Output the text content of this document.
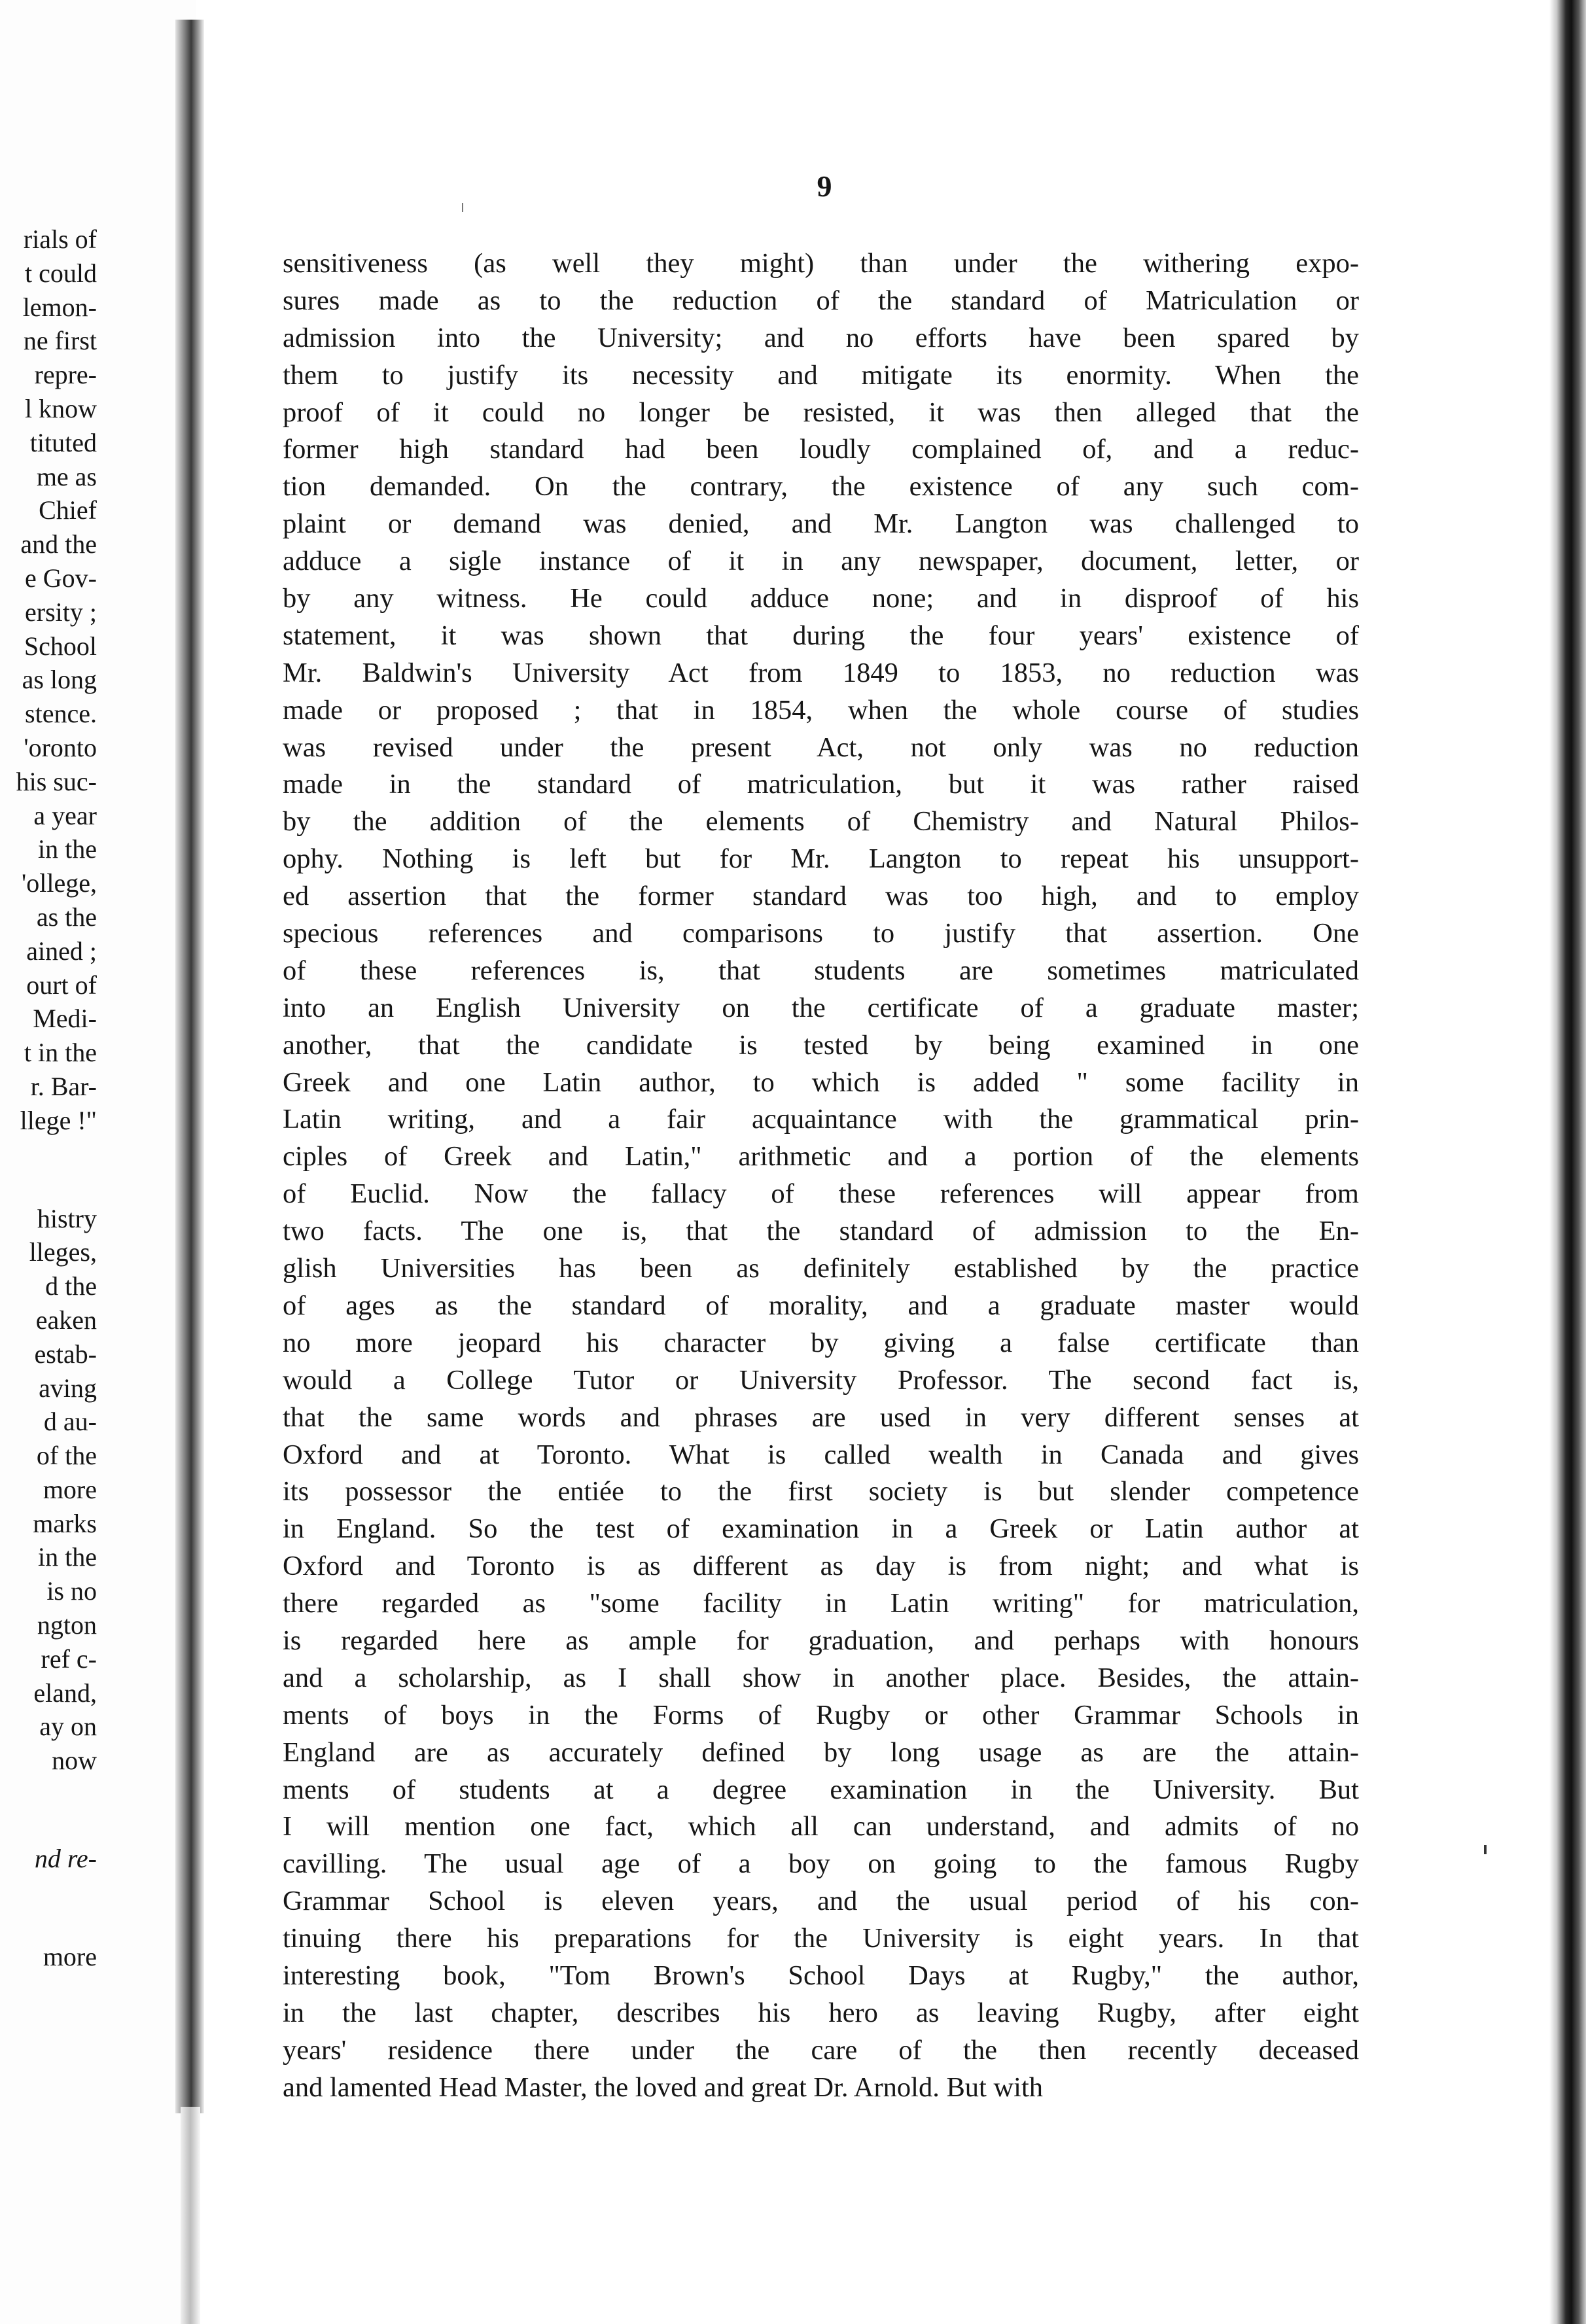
rials of
t could
lemon-
ne first
repre-
l know
tituted
me as
Chief
and the
e Gov-
ersity ;
School
as long
stence.
'oronto
his suc-
a year
in the
'ollege,
as the
ained ;
ourt of
Medi-
t in the
r. Bar-
llege !"
histry
lleges,
d the
eaken
estab-
aving
d au-
of the
more
marks
in the
is no
ngton
ref c-
eland,
ay on
now
nd re-
more
9
sensitiveness (as well they might) than under the withering expo-
sures made as to the reduction of the standard of Matriculation or
admission into the University; and no efforts have been spared by
them to justify its necessity and mitigate its enormity. When the
proof of it could no longer be resisted, it was then alleged that the
former high standard had been loudly complained of, and a reduc-
tion demanded. On the contrary, the existence of any such com-
plaint or demand was denied, and Mr. Langton was challenged to
adduce a sigle instance of it in any newspaper, document, letter, or
by any witness. He could adduce none; and in disproof of his
statement, it was shown that during the four years' existence of
Mr. Baldwin's University Act from 1849 to 1853, no reduction was
made or proposed ; that in 1854, when the whole course of studies
was revised under the present Act, not only was no reduction
made in the standard of matriculation, but it was rather raised
by the addition of the elements of Chemistry and Natural Philos-
ophy. Nothing is left but for Mr. Langton to repeat his unsupport-
ed assertion that the former standard was too high, and to employ
specious references and comparisons to justify that assertion. One
of these references is, that students are sometimes matriculated
into an English University on the certificate of a graduate master;
another, that the candidate is tested by being examined in one
Greek and one Latin author, to which is added " some facility in
Latin writing, and a fair acquaintance with the grammatical prin-
ciples of Greek and Latin," arithmetic and a portion of the elements
of Euclid. Now the fallacy of these references will appear from
two facts. The one is, that the standard of admission to the En-
glish Universities has been as definitely established by the practice
of ages as the standard of morality, and a graduate master would
no more jeopard his character by giving a false certificate than
would a College Tutor or University Professor. The second fact is,
that the same words and phrases are used in very different senses at
Oxford and at Toronto. What is called wealth in Canada and gives
its possessor the entiée to the first society is but slender competence
in England. So the test of examination in a Greek or Latin author at
Oxford and Toronto is as different as day is from night; and what is
there regarded as "some facility in Latin writing" for matriculation,
is regarded here as ample for graduation, and perhaps with honours
and a scholarship, as I shall show in another place. Besides, the attain-
ments of boys in the Forms of Rugby or other Grammar Schools in
England are as accurately defined by long usage as are the attain-
ments of students at a degree examination in the University. But
I will mention one fact, which all can understand, and admits of no
cavilling. The usual age of a boy on going to the famous Rugby
Grammar School is eleven years, and the usual period of his con-
tinuing there his preparations for the University is eight years. In that
interesting book, "Tom Brown's School Days at Rugby," the author,
in the last chapter, describes his hero as leaving Rugby, after eight
years' residence there under the care of the then recently deceased
and lamented Head Master, the loved and great Dr. Arnold. But with
